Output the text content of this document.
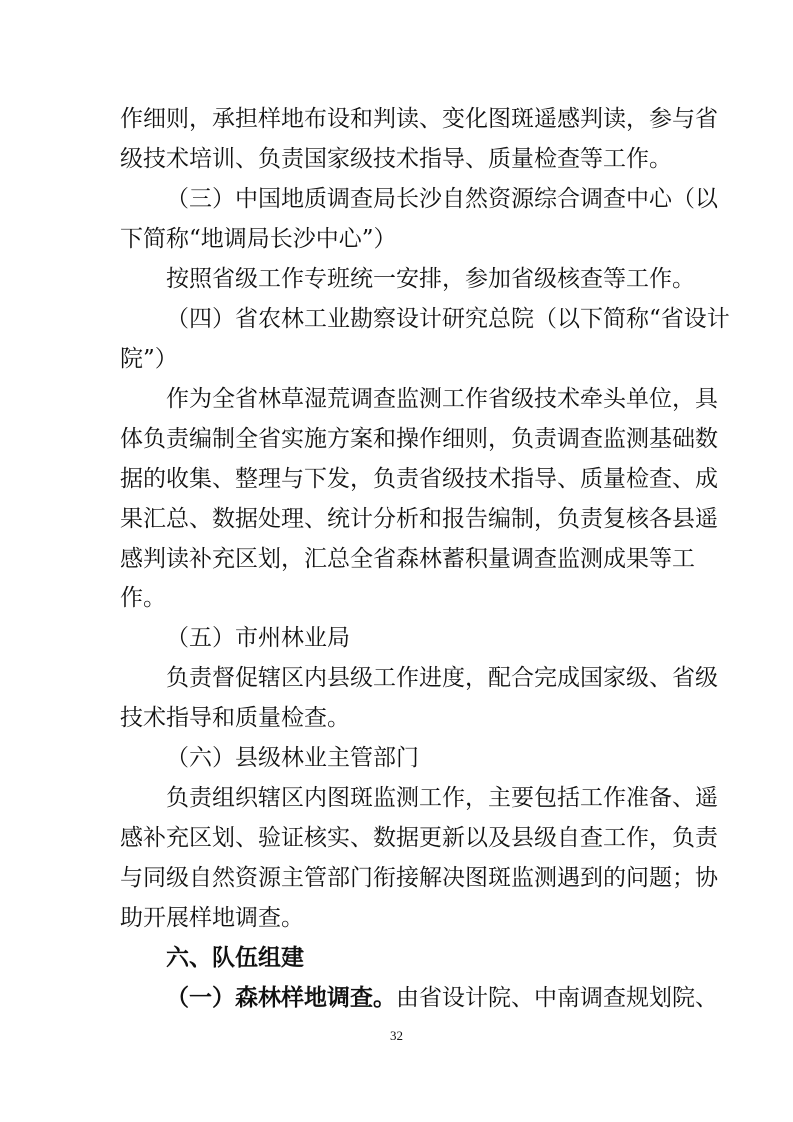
作细则，承担样地布设和判读、变化图斑遥感判读，参与省
级技术培训、负责国家级技术指导、质量检查等工作。
（三）中国地质调查局长沙自然资源综合调查中心（以
下简称“地调局长沙中心”）
按照省级工作专班统一安排，参加省级核查等工作。
（四）省农林工业勘察设计研究总院（以下简称“省设计
院”）
作为全省林草湿荒调查监测工作省级技术牵头单位，具
体负责编制全省实施方案和操作细则，负责调查监测基础数
据的收集、整理与下发，负责省级技术指导、质量检查、成
果汇总、数据处理、统计分析和报告编制，负责复核各县遥
感判读补充区划，汇总全省森林蓄积量调查监测成果等工
作。
（五）市州林业局
负责督促辖区内县级工作进度，配合完成国家级、省级
技术指导和质量检查。
（六）县级林业主管部门
负责组织辖区内图斑监测工作，主要包括工作准备、遥
感补充区划、验证核实、数据更新以及县级自查工作，负责
与同级自然资源主管部门衔接解决图斑监测遇到的问题；协
助开展样地调查。
六、队伍组建
（一）森林样地调查。由省设计院、中南调查规划院、
32
